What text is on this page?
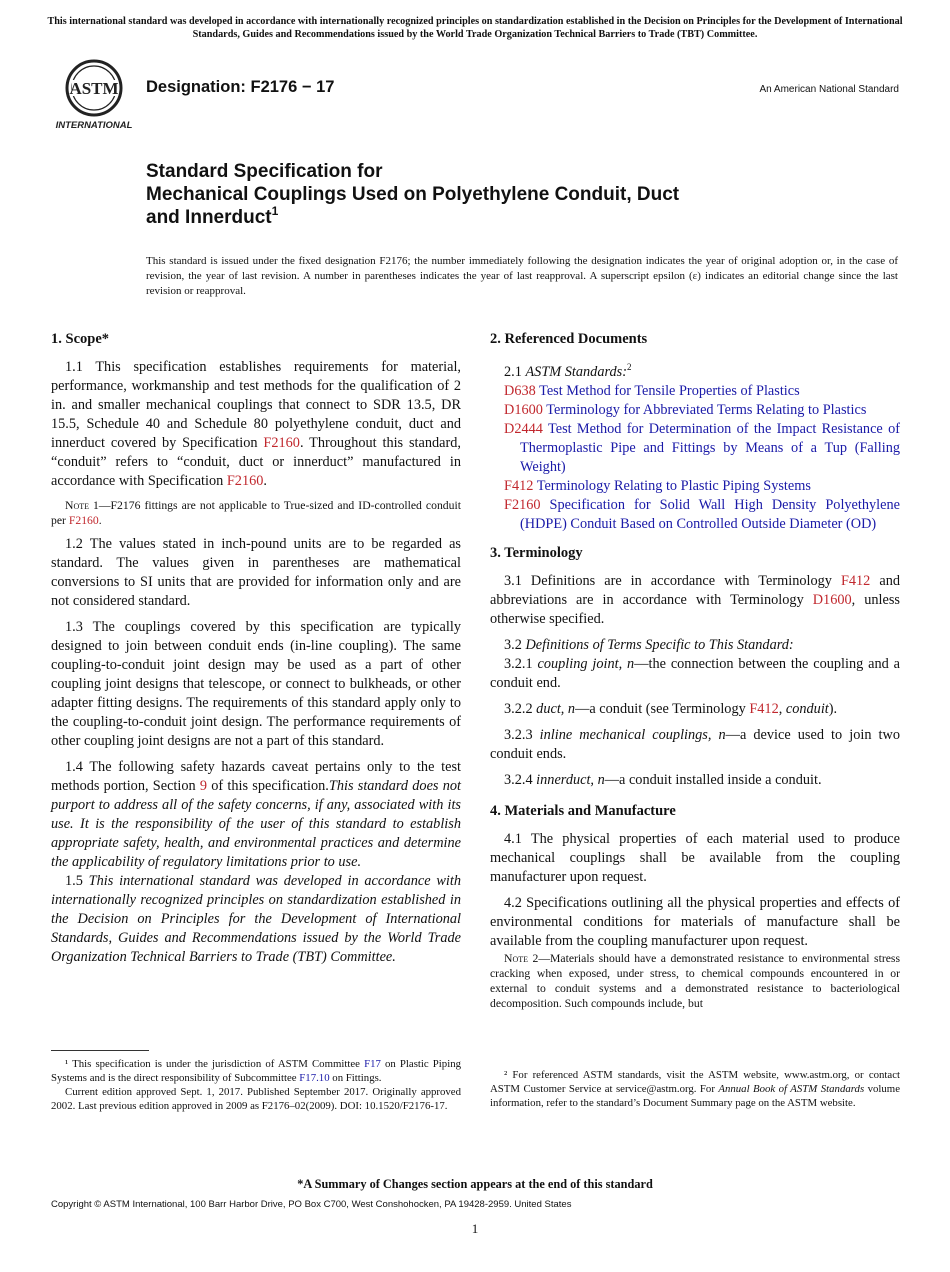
This international standard was developed in accordance with internationally recognized principles on standardization established in the Decision on Principles for the Development of International Standards, Guides and Recommendations issued by the World Trade Organization Technical Barriers to Trade (TBT) Committee.
ASTM
INTERNATIONAL
Designation: F2176 − 17	An American National Standard
Standard Specification for
Mechanical Couplings Used on Polyethylene Conduit, Duct
and Innerduct$^1$
This standard is issued under the fixed designation F2176; the number immediately following the designation indicates the year of original adoption or, in the case of revision, the year of last revision. A number in parentheses indicates the year of last reapproval. A superscript epsilon (ε) indicates an editorial change since the last revision or reapproval.
1. Scope*

1.1 This specification establishes requirements for material, performance, workmanship and test methods for the qualification of 2 in. and smaller mechanical couplings that connect to SDR 13.5, DR 15.5, Schedule 40 and Schedule 80 polyethylene conduit, duct and innerduct covered by Specification F2160. Throughout this standard, “conduit” refers to “conduit, duct or innerduct” manufactured in accordance with Specification F2160.

Note 1—F2176 fittings are not applicable to True-sized and ID-controlled conduit per F2160.

1.2 The values stated in inch-pound units are to be regarded as standard. The values given in parentheses are mathematical conversions to SI units that are provided for information only and are not considered standard.

1.3 The couplings covered by this specification are typically designed to join between conduit ends (in-line coupling). The same coupling-to-conduit joint design may be used as a part of other coupling joint designs that telescope, or connect to bulkheads, or other adapter fitting designs. The requirements of this standard apply only to the coupling-to-conduit joint design. The performance requirements of other coupling joint designs are not a part of this standard.

1.4 The following safety hazards caveat pertains only to the test methods portion, Section 9 of this specification.This standard does not purport to address all of the safety concerns, if any, associated with its use. It is the responsibility of the user of this standard to establish appropriate safety, health, and environmental practices and determine the applicability of regulatory limitations prior to use.

1.5 This international standard was developed in accordance with internationally recognized principles on standardization established in the Decision on Principles for the Development of International Standards, Guides and Recommendations issued by the World Trade Organization Technical Barriers to Trade (TBT) Committee.

2. Referenced Documents

2.1 ASTM Standards:$^2$

D638 Test Method for Tensile Properties of Plastics
D1600 Terminology for Abbreviated Terms Relating to Plastics
D2444 Test Method for Determination of the Impact Resistance of Thermoplastic Pipe and Fittings by Means of a Tup (Falling Weight)
F412 Terminology Relating to Plastic Piping Systems
F2160 Specification for Solid Wall High Density Polyethylene (HDPE) Conduit Based on Controlled Outside Diameter (OD)
3. Terminology

3.1 Definitions are in accordance with Terminology F412 and abbreviations are in accordance with Terminology D1600, unless otherwise specified.

3.2 Definitions of Terms Specific to This Standard:

3.2.1 coupling joint, n—the connection between the coupling and a conduit end.

3.2.2 duct, n—a conduit (see Terminology F412, conduit).

3.2.3 inline mechanical couplings, n—a device used to join two conduit ends.

3.2.4 innerduct, n—a conduit installed inside a conduit.

4. Materials and Manufacture

4.1 The physical properties of each material used to produce mechanical couplings shall be available from the coupling manufacturer upon request.

4.2 Specifications outlining all the physical properties and effects of environmental conditions for materials of manufacture shall be available from the coupling manufacturer upon request.

Note 2—Materials should have a demonstrated resistance to environmental stress cracking when exposed, under stress, to chemical compounds encountered in or external to conduit systems and a demonstrated resistance to bacteriological decomposition. Such compounds include, but

¹ This specification is under the jurisdiction of ASTM Committee F17 on Plastic Piping Systems and is the direct responsibility of Subcommittee F17.10 on Fittings.

Current edition approved Sept. 1, 2017. Published September 2017. Originally approved 2002. Last previous edition approved in 2009 as F2176–02(2009). DOI: 10.1520/F2176-17.

² For referenced ASTM standards, visit the ASTM website, www.astm.org, or contact ASTM Customer Service at service@astm.org. For Annual Book of ASTM Standards volume information, refer to the standard’s Document Summary page on the ASTM website.

*A Summary of Changes section appears at the end of this standard
Copyright © ASTM International, 100 Barr Harbor Drive, PO Box C700, West Conshohocken, PA 19428-2959. United States
1
